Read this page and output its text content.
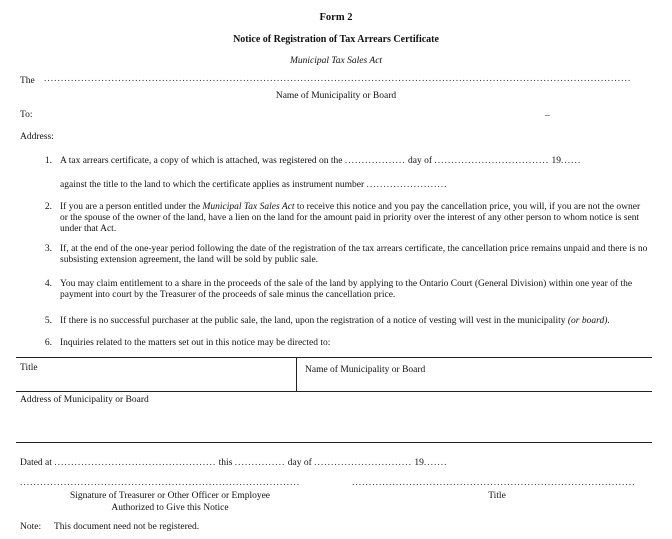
Form 2
Notice of Registration of Tax Arrears Certificate
Municipal Tax Sales Act
The ..............................................................................................................................................................................
Name of Municipality or Board
To:	_
Address:
1. A tax arrears certificate, a copy of which is attached, was registered on the .................. day of .................................. 19......
against the title to the land to which the certificate applies as instrument number ........................
2. If you are a person entitled under the Municipal Tax Sales Act to receive this notice and you pay the cancellation price, you will, if you are not the owner or the spouse of the owner of the land, have a lien on the land for the amount paid in priority over the interest of any other person to whom notice is sent under that Act.
3. If, at the end of the one-year period following the date of the registration of the tax arrears certificate, the cancellation price remains unpaid and there is no subsisting extension agreement, the land will be sold by public sale.
4. You may claim entitlement to a share in the proceeds of the sale of the land by applying to the Ontario Court (General Division) within one year of the payment into court by the Treasurer of the proceeds of sale minus the cancellation price.
5. If there is no successful purchaser at the public sale, the land, upon the registration of a notice of vesting will vest in the municipality (or board).
6. Inquiries related to the matters set out in this notice may be directed to:
Title	Name of Municipality or Board
Address of Municipality or Board
Dated at ................................................ this ............... day of ............................. 19.......
...................................................................................	....................................................................................
Signature of Treasurer or Other Officer or Employee
Authorized to Give this Notice
Title
Note: This document need not be registered.
